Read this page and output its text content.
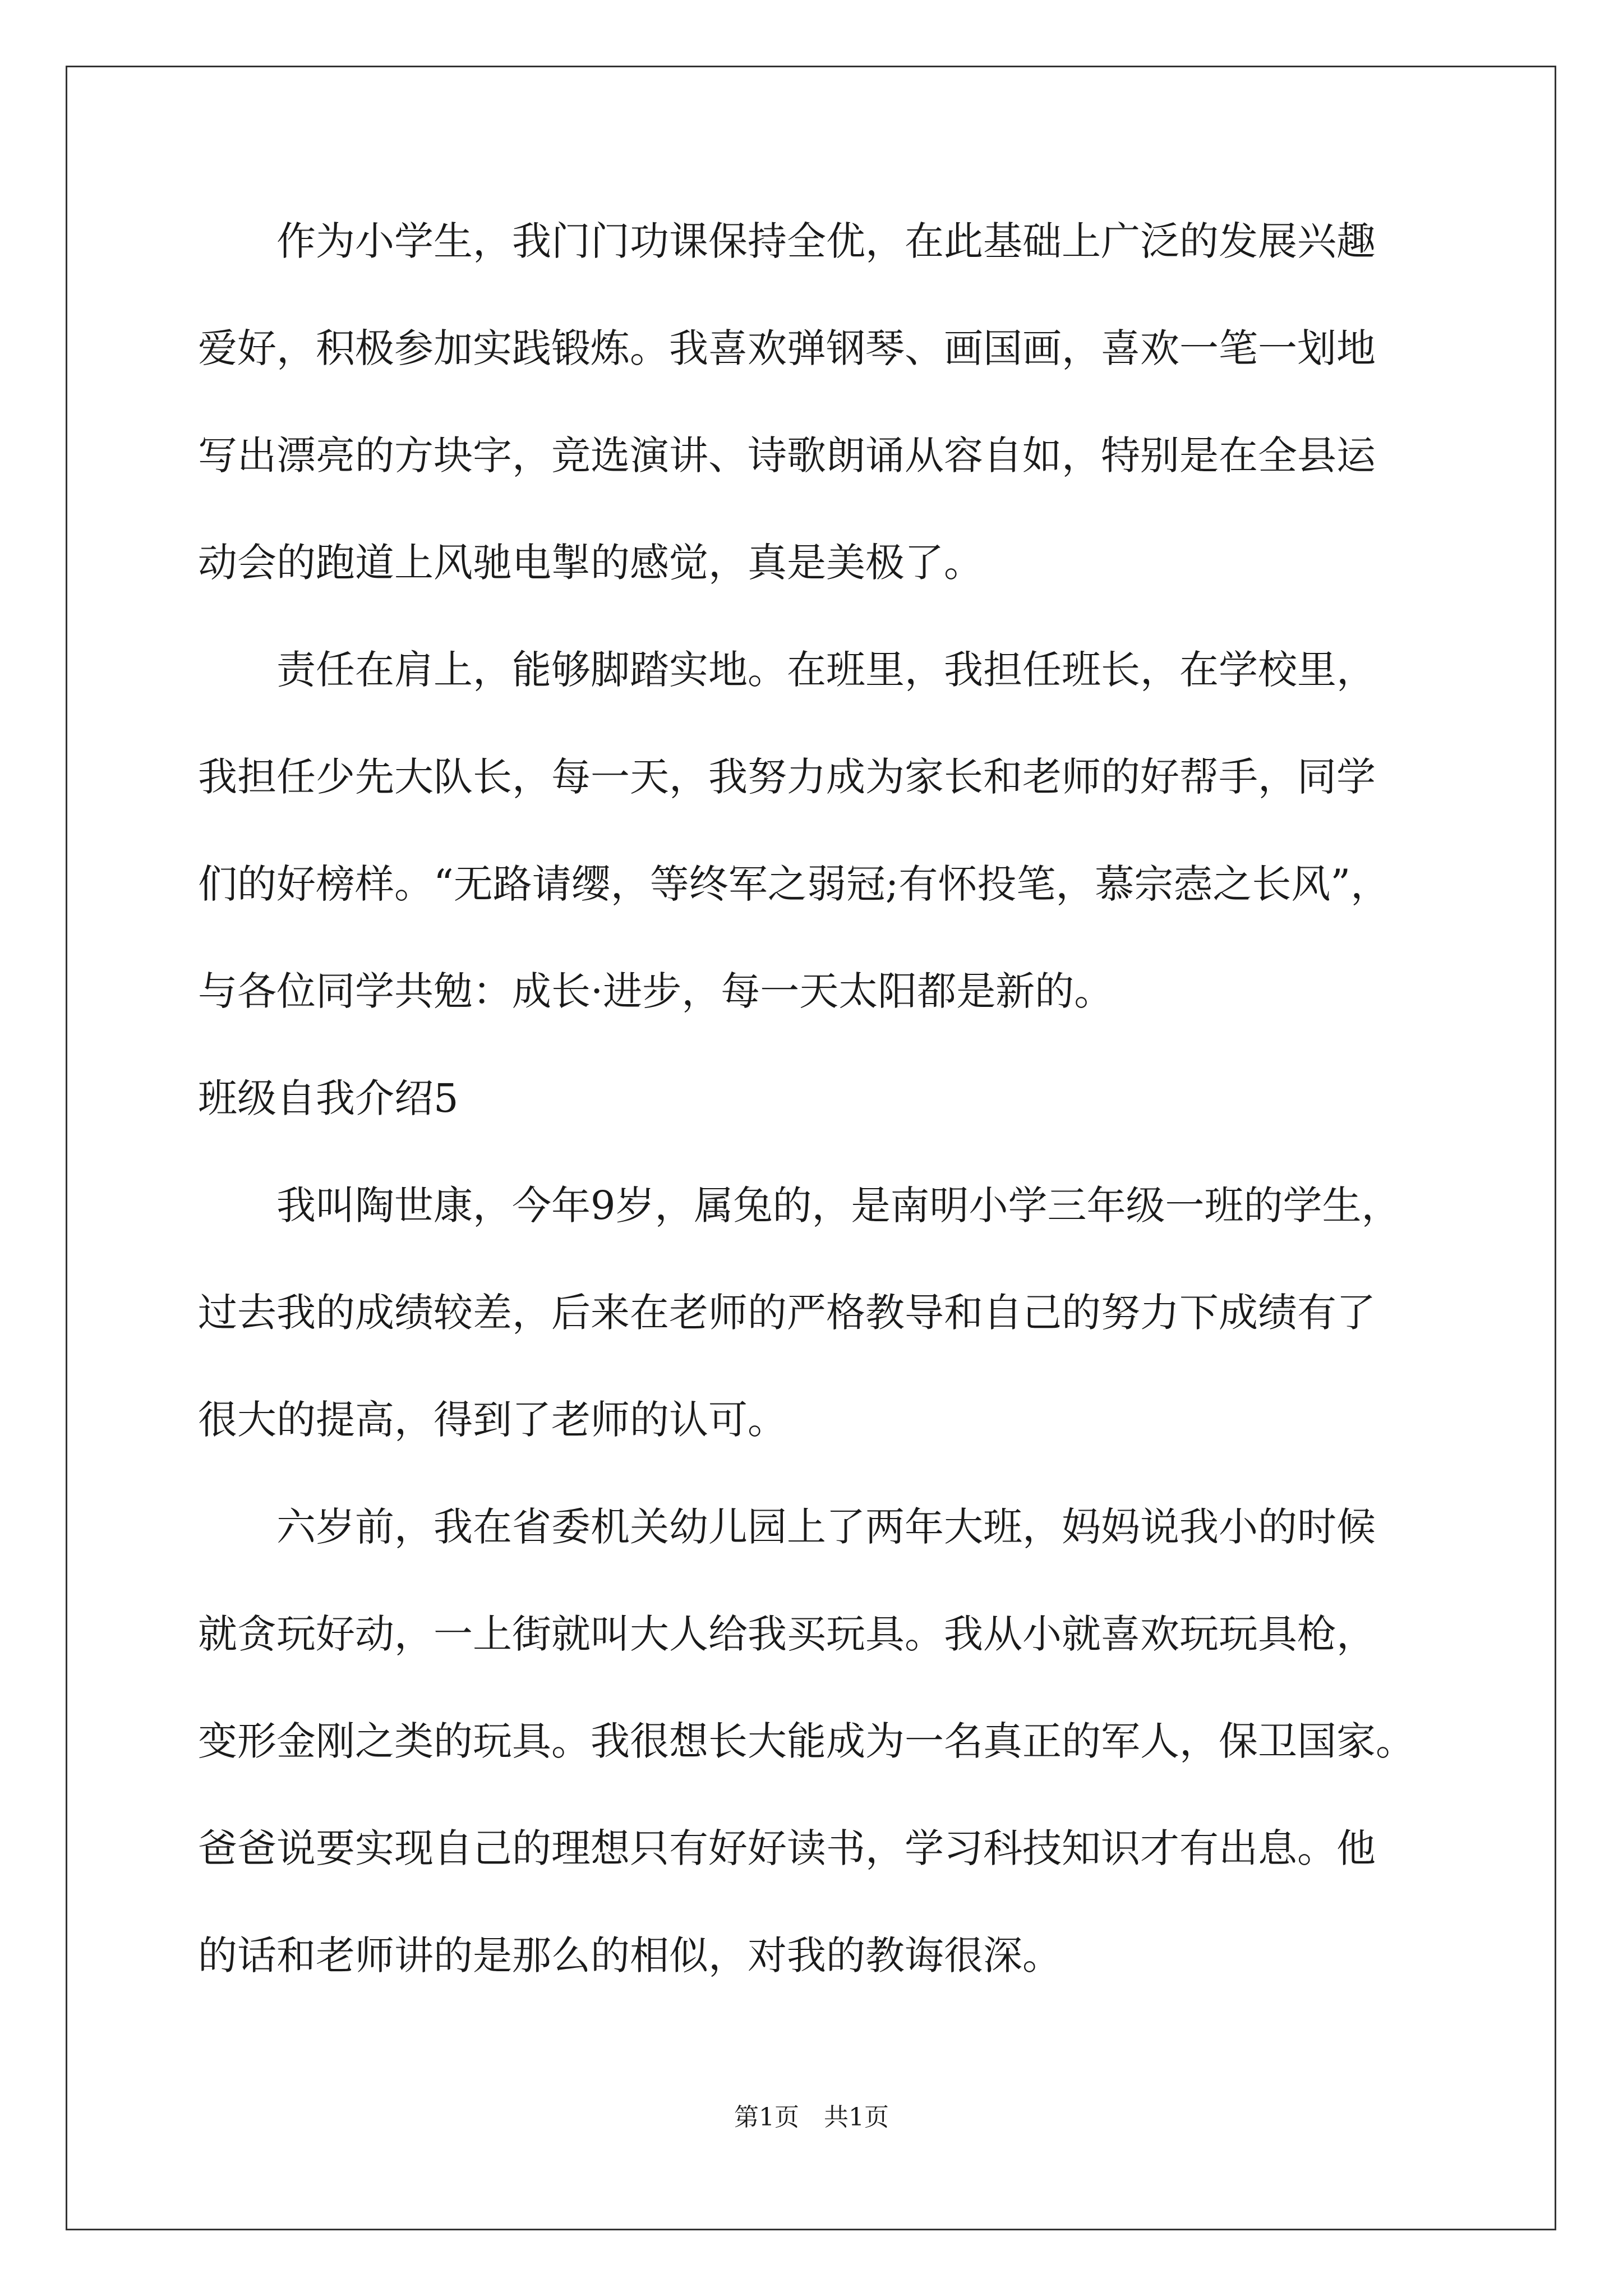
　　作为小学生，我门门功课保持全优，在此基础上广泛的发展兴趣
爱好，积极参加实践锻炼。我喜欢弹钢琴、画国画，喜欢一笔一划地
写出漂亮的方块字，竞选演讲、诗歌朗诵从容自如，特别是在全县运
动会的跑道上风驰电掣的感觉，真是美极了。
　　责任在肩上，能够脚踏实地。在班里，我担任班长，在学校里，
我担任少先大队长，每一天，我努力成为家长和老师的好帮手，同学
们的好榜样。“无路请缨，等终军之弱冠;有怀投笔，慕宗悫之长风”，
与各位同学共勉：成长·进步，每一天太阳都是新的。
班级自我介绍5
　　我叫陶世康，今年9岁，属兔的，是南明小学三年级一班的学生，
过去我的成绩较差，后来在老师的严格教导和自己的努力下成绩有了
很大的提高，得到了老师的认可。
　　六岁前，我在省委机关幼儿园上了两年大班，妈妈说我小的时候
就贪玩好动，一上街就叫大人给我买玩具。我从小就喜欢玩玩具枪，
变形金刚之类的玩具。我很想长大能成为一名真正的军人，保卫国家。
爸爸说要实现自己的理想只有好好读书，学习科技知识才有出息。他
的话和老师讲的是那么的相似，对我的教诲很深。
第1页　共1页
